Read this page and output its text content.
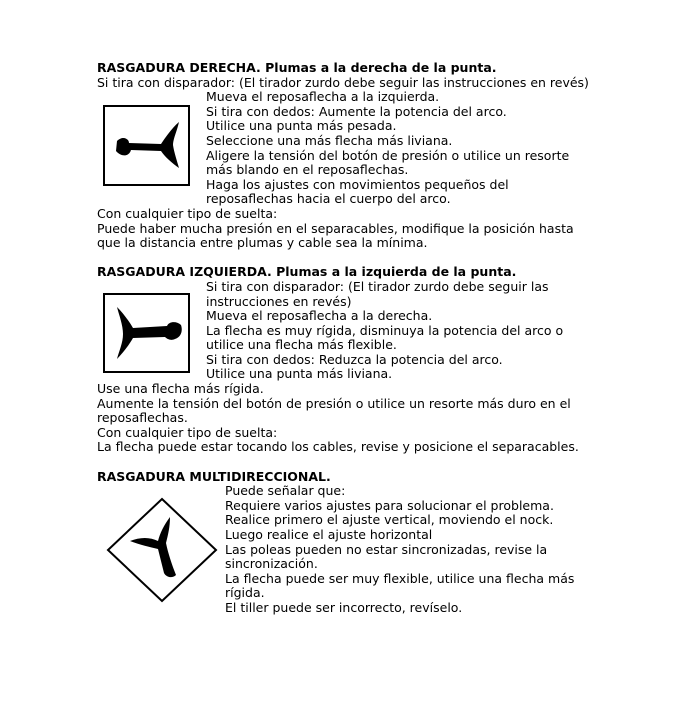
RASGADURA DERECHA. Plumas a la derecha de la punta.
Si tira con disparador: (El tirador zurdo debe seguir las instrucciones en revés)
Mueva el reposaflecha a la izquierda.
Si tira con dedos: Aumente la potencia del arco.
Utilice una punta más pesada.
Seleccione una más flecha más liviana.
Aligere la tensión del botón de presión o utilice un resorte
más blando en el reposaflechas.
Haga los ajustes con movimientos pequeños del
reposaflechas hacia el cuerpo del arco.
Con cualquier tipo de suelta:
Puede haber mucha presión en el separacables, modifique la posición hasta
que la distancia entre plumas y cable sea la mínima.
RASGADURA IZQUIERDA. Plumas a la izquierda de la punta.
Si tira con disparador: (El tirador zurdo debe seguir las
instrucciones en revés)
Mueva el reposaflecha a la derecha.
La flecha es muy rígida, disminuya la potencia del arco o
utilice una flecha más flexible.
Si tira con dedos: Reduzca la potencia del arco.
Utilice una punta más liviana.
Use una flecha más rígida.
Aumente la tensión del botón de presión o utilice un resorte más duro en el
reposaflechas.
Con cualquier tipo de suelta:
La flecha puede estar tocando los cables, revise y posicione el separacables.
RASGADURA MULTIDIRECCIONAL.
Puede señalar que:
Requiere varios ajustes para solucionar el problema.
Realice primero el ajuste vertical, moviendo el nock.
Luego realice el ajuste horizontal
Las poleas pueden no estar sincronizadas, revise la
sincronización.
La flecha puede ser muy flexible, utilice una flecha más
rígida.
El tiller puede ser incorrecto, revíselo.
